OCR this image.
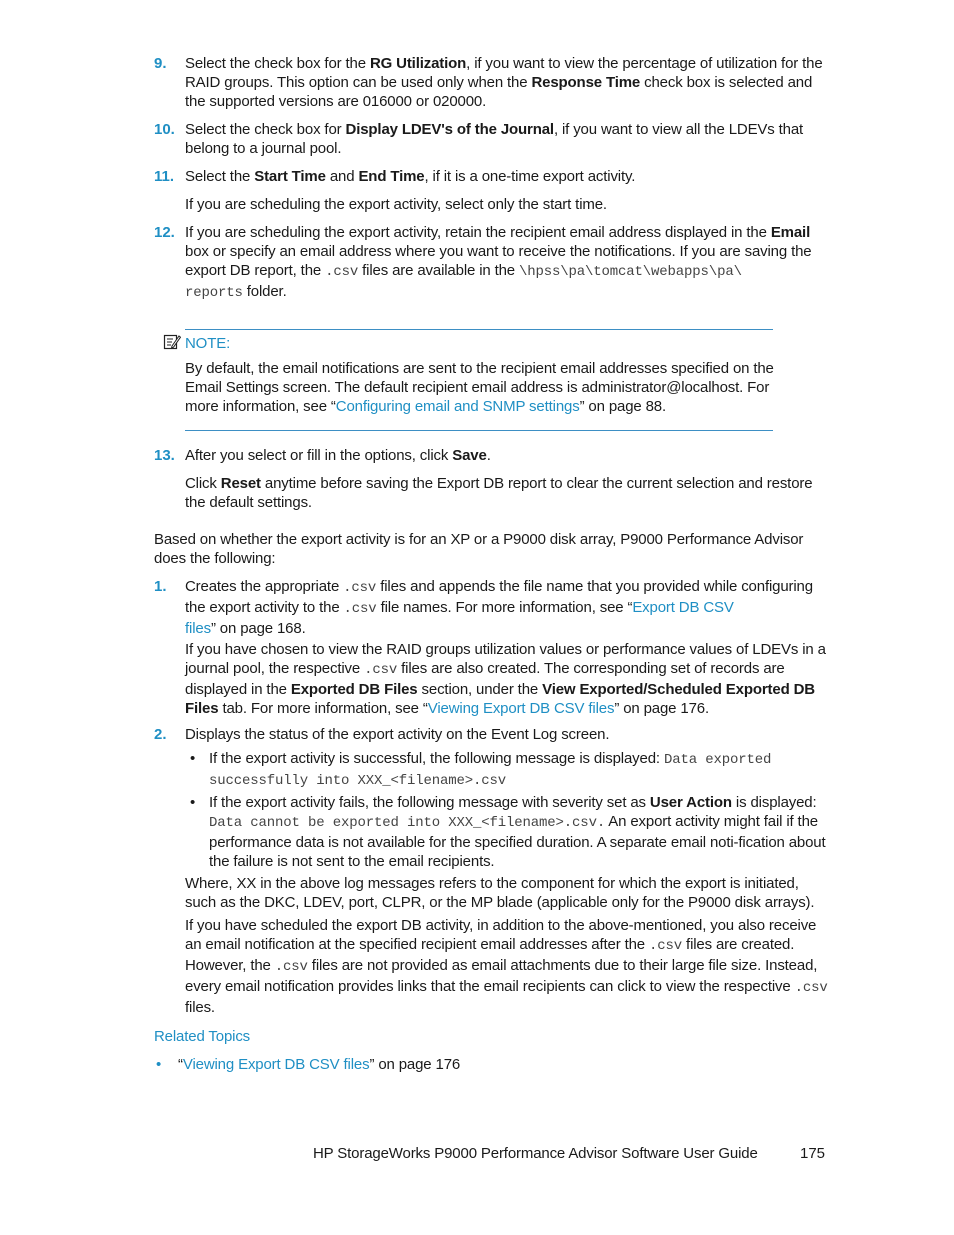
9. Select the check box for the RG Utilization, if you want to view the percentage of utilization for the RAID groups. This option can be used only when the Response Time check box is selected and the supported versions are 016000 or 020000.
10. Select the check box for Display LDEV's of the Journal, if you want to view all the LDEVs that belong to a journal pool.
11. Select the Start Time and End Time, if it is a one-time export activity.
If you are scheduling the export activity, select only the start time.
12. If you are scheduling the export activity, retain the recipient email address displayed in the Email box or specify an email address where you want to receive the notifications. If you are saving the export DB report, the .csv files are available in the \hpss\pa\tomcat\webapps\pa\
reports folder.
NOTE:
By default, the email notifications are sent to the recipient email addresses specified on the Email Settings screen. The default recipient email address is administrator@localhost. For more information, see “Configuring email and SNMP settings” on page 88.
13. After you select or fill in the options, click Save.
Click Reset anytime before saving the Export DB report to clear the current selection and restore the default settings.
Based on whether the export activity is for an XP or a P9000 disk array, P9000 Performance Advisor does the following:
1. Creates the appropriate .csv files and appends the file name that you provided while configuring the export activity to the .csv file names. For more information, see “Export DB CSV
files” on page 168.
If you have chosen to view the RAID groups utilization values or performance values of LDEVs in a journal pool, the respective .csv files are also created. The corresponding set of records are displayed in the Exported DB Files section, under the View Exported/Scheduled Exported DB Files tab. For more information, see “Viewing Export DB CSV files” on page 176.
2. Displays the status of the export activity on the Event Log screen.
• If the export activity is successful, the following message is displayed: Data exported
successfully into XXX_<filename>.csv
• If the export activity fails, the following message with severity set as User Action is displayed: Data cannot be exported into XXX_<filename>.csv. An export activity might fail if the performance data is not available for the specified duration. A separate email noti-fication about the failure is not sent to the email recipients.
Where, XX in the above log messages refers to the component for which the export is initiated, such as the DKC, LDEV, port, CLPR, or the MP blade (applicable only for the P9000 disk arrays).
If you have scheduled the export DB activity, in addition to the above-mentioned, you also receive an email notification at the specified recipient email addresses after the .csv files are created. However, the .csv files are not provided as email attachments due to their large file size. Instead, every email notification provides links that the email recipients can click to view the respective .csv files.
Related Topics
• “Viewing Export DB CSV files” on page 176
HP StorageWorks P9000 Performance Advisor Software User Guide	175
